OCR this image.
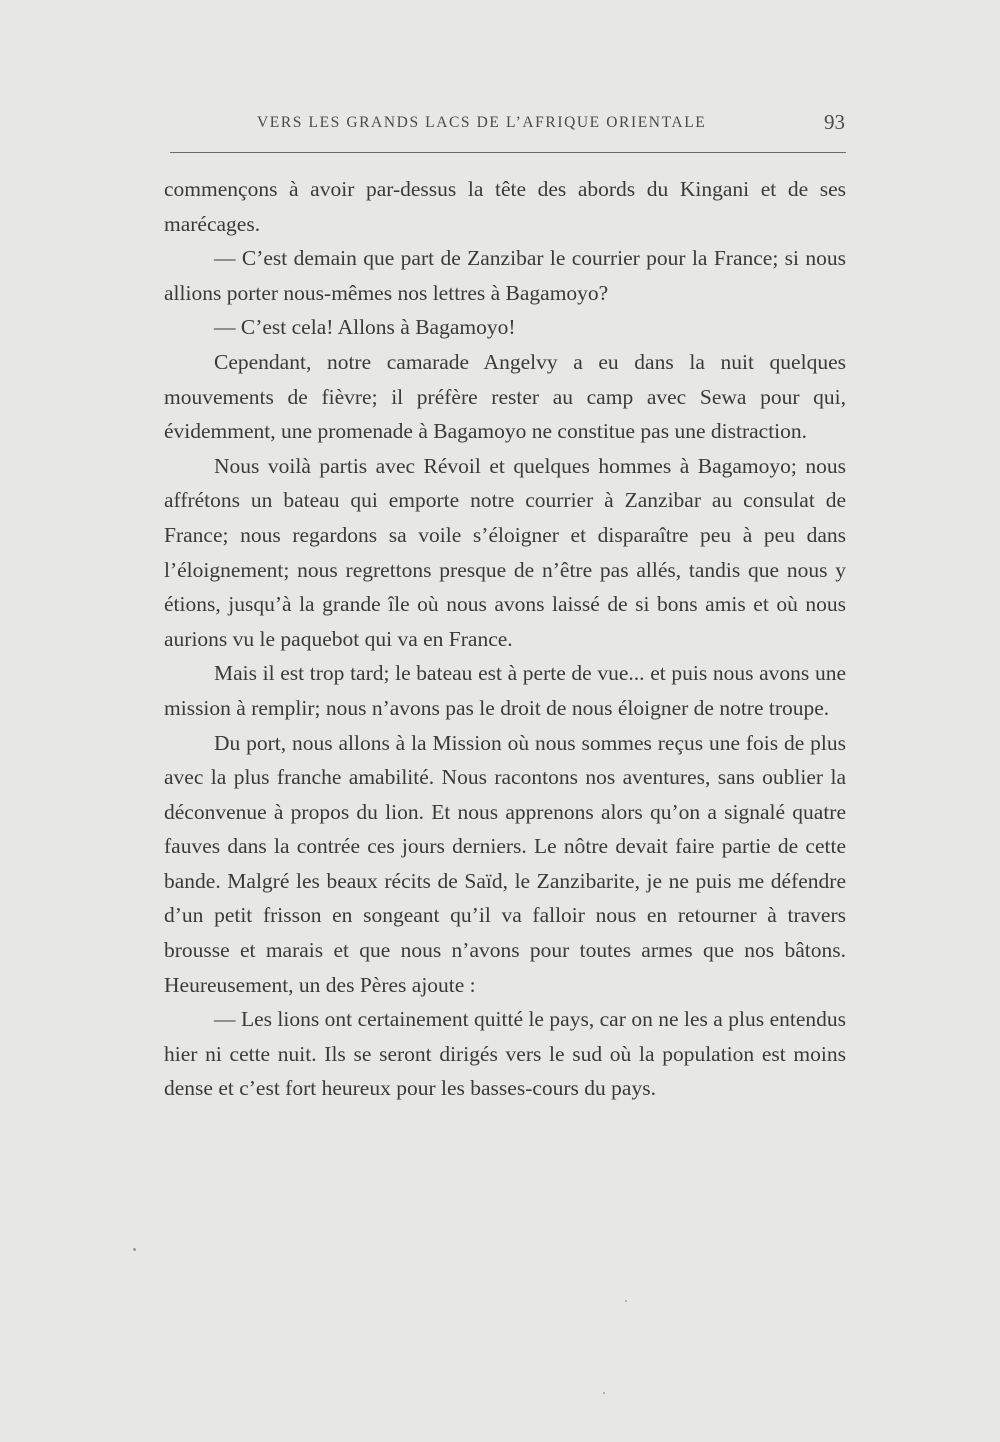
VERS LES GRANDS LACS DE L’AFRIQUE ORIENTALE	93

commençons à avoir par-dessus la tête des abords du Kingani et de ses marécages.

— C’est demain que part de Zanzibar le courrier pour la France; si nous allions porter nous-mêmes nos lettres à Bagamoyo?

— C’est cela! Allons à Bagamoyo!

Cependant, notre camarade Angelvy a eu dans la nuit quelques mouvements de fièvre; il préfère rester au camp avec Sewa pour qui, évidemment, une promenade à Bagamoyo ne constitue pas une distraction.

Nous voilà partis avec Révoil et quelques hommes à Bagamoyo; nous affrétons un bateau qui emporte notre courrier à Zanzibar au consulat de France; nous regardons sa voile s’éloigner et disparaître peu à peu dans l’éloignement; nous regrettons presque de n’être pas allés, tandis que nous y étions, jusqu’à la grande île où nous avons laissé de si bons amis et où nous aurions vu le paquebot qui va en France.

Mais il est trop tard; le bateau est à perte de vue... et puis nous avons une mission à remplir; nous n’avons pas le droit de nous éloigner de notre troupe.

Du port, nous allons à la Mission où nous sommes reçus une fois de plus avec la plus franche amabilité. Nous racontons nos aventures, sans oublier la déconvenue à propos du lion. Et nous apprenons alors qu’on a signalé quatre fauves dans la contrée ces jours derniers. Le nôtre devait faire partie de cette bande. Malgré les beaux récits de Saïd, le Zanzibarite, je ne puis me défendre d’un petit frisson en songeant qu’il va falloir nous en retourner à travers brousse et marais et que nous n’avons pour toutes armes que nos bâtons. Heureusement, un des Pères ajoute :

— Les lions ont certainement quitté le pays, car on ne les a plus entendus hier ni cette nuit. Ils se seront dirigés vers le sud où la population est moins dense et c’est fort heureux pour les basses-cours du pays.
